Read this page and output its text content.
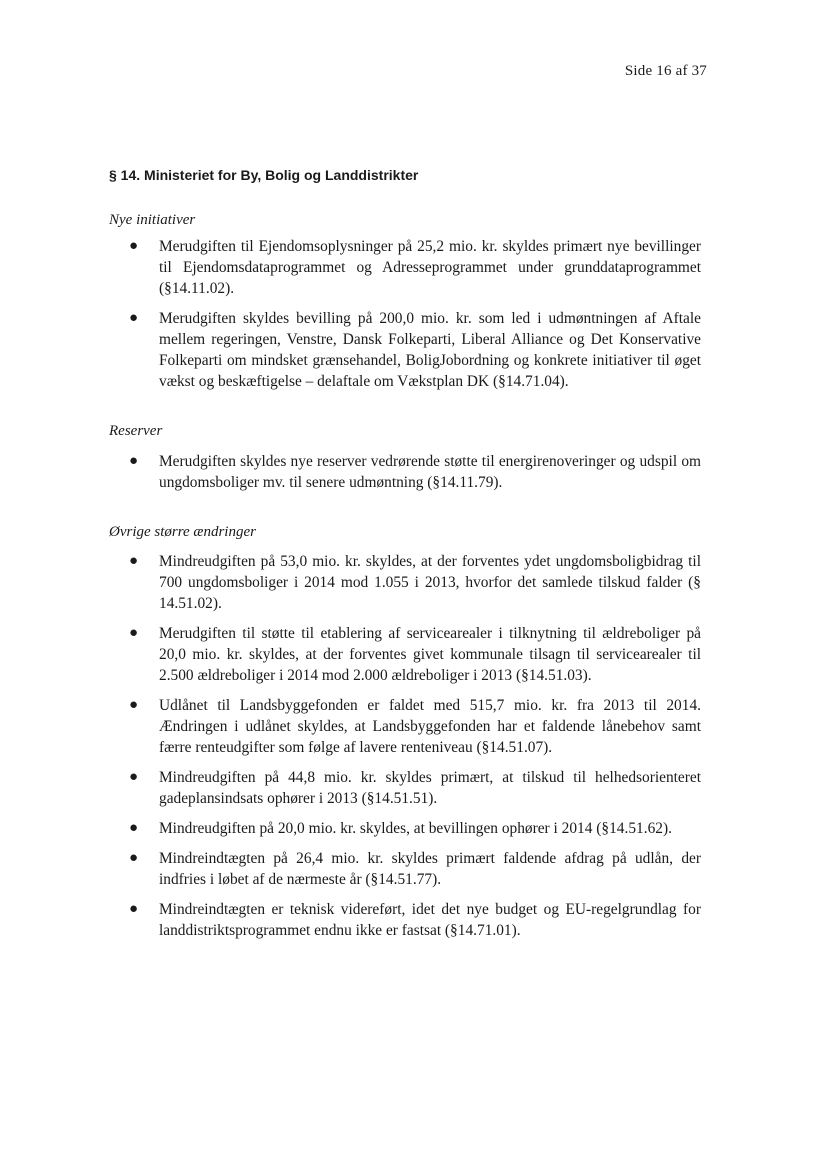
Side 16 af 37
§ 14. Ministeriet for By, Bolig og Landdistrikter

Nye initiativer

● Merudgiften til Ejendomsoplysninger på 25,2 mio. kr. skyldes primært nye bevillinger til Ejendomsdataprogrammet og Adresseprogrammet under grunddataprogrammet (§14.11.02).
● Merudgiften skyldes bevilling på 200,0 mio. kr. som led i udmøntningen af Aftale mellem regeringen, Venstre, Dansk Folkeparti, Liberal Alliance og Det Konservative Folkeparti om mindsket grænsehandel, BoligJobordning og konkrete initiativer til øget vækst og beskæftigelse – delaftale om Vækstplan DK (§14.71.04).

Reserver

● Merudgiften skyldes nye reserver vedrørende støtte til energirenoveringer og udspil om ungdomsboliger mv. til senere udmøntning (§14.11.79).

Øvrige større ændringer

● Mindreudgiften på 53,0 mio. kr. skyldes, at der forventes ydet ungdomsboligbidrag til 700 ungdomsboliger i 2014 mod 1.055 i 2013, hvorfor det samlede tilskud falder (§ 14.51.02).
● Merudgiften til støtte til etablering af servicearealer i tilknytning til ældreboliger på 20,0 mio. kr. skyldes, at der forventes givet kommunale tilsagn til servicearealer til 2.500 ældreboliger i 2014 mod 2.000 ældreboliger i 2013 (§14.51.03).
● Udlånet til Landsbyggefonden er faldet med 515,7 mio. kr. fra 2013 til 2014. Ændringen i udlånet skyldes, at Landsbyggefonden har et faldende lånebehov samt færre renteudgifter som følge af lavere renteniveau (§14.51.07).
● Mindreudgiften på 44,8 mio. kr. skyldes primært, at tilskud til helhedsorienteret gadeplansindsats ophører i 2013 (§14.51.51).
● Mindreudgiften på 20,0 mio. kr. skyldes, at bevillingen ophører i 2014 (§14.51.62).
● Mindreindtægten på 26,4 mio. kr. skyldes primært faldende afdrag på udlån, der indfries i løbet af de nærmeste år (§14.51.77).
● Mindreindtægten er teknisk videreført, idet det nye budget og EU-regelgrundlag for landdistriktsprogrammet endnu ikke er fastsat (§14.71.01).
